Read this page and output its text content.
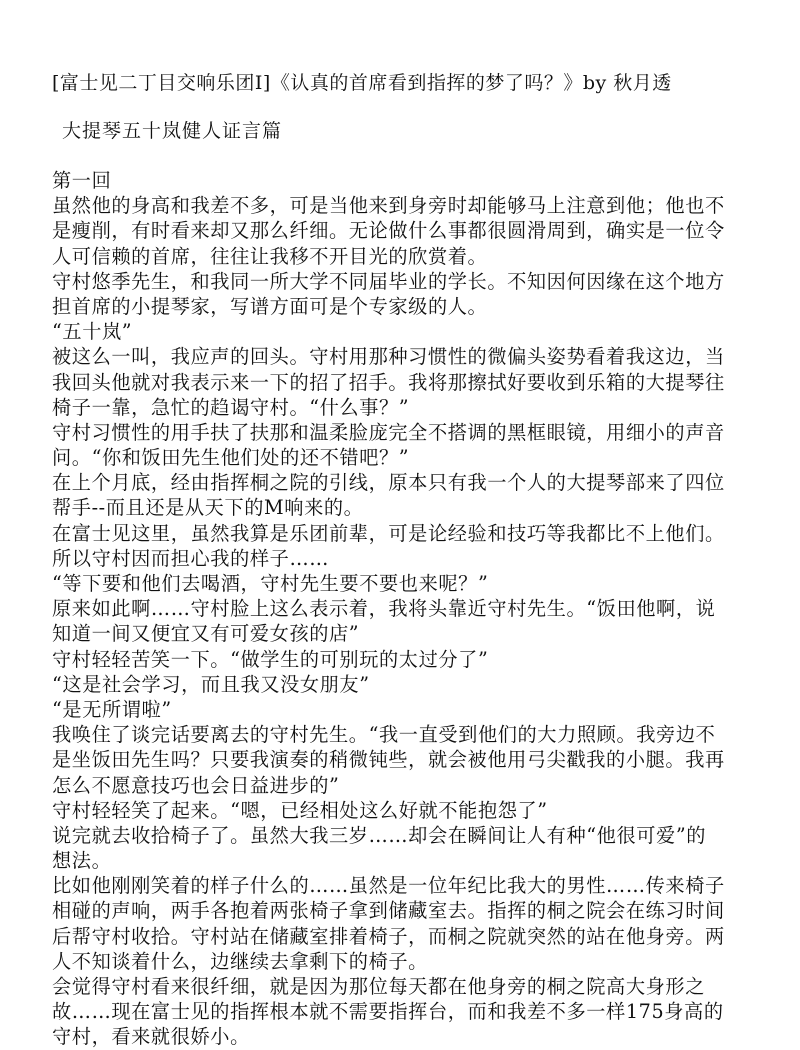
[富士见二丁目交响乐团Ⅰ]《认真的首席看到指挥的梦了吗？》by 秋月透
大提琴五十岚健人证言篇
第一回
虽然他的身高和我差不多，可是当他来到身旁时却能够马上注意到他；他也不
是瘦削，有时看来却又那么纤细。无论做什么事都很圆滑周到，确实是一位令
人可信赖的首席，往往让我移不开目光的欣赏着。
守村悠季先生，和我同一所大学不同届毕业的学长。不知因何因缘在这个地方
担首席的小提琴家，写谱方面可是个专家级的人。
“五十岚”
被这么一叫，我应声的回头。守村用那种习惯性的微偏头姿势看着我这边，当
我回头他就对我表示来一下的招了招手。我将那擦拭好要收到乐箱的大提琴往
椅子一靠，急忙的趋谒守村。“什么事？”
守村习惯性的用手扶了扶那和温柔脸庞完全不搭调的黑框眼镜，用细小的声音
问。“你和饭田先生他们处的还不错吧？”
在上个月底，经由指挥桐之院的引线，原本只有我一个人的大提琴部来了四位
帮手--而且还是从天下的M响来的。
在富士见这里，虽然我算是乐团前辈，可是论经验和技巧等我都比不上他们。
所以守村因而担心我的样子……
“等下要和他们去喝酒，守村先生要不要也来呢？”
原来如此啊……守村脸上这么表示着，我将头靠近守村先生。“饭田他啊，说
知道一间又便宜又有可爱女孩的店”
守村轻轻苦笑一下。“做学生的可别玩的太过分了”
“这是社会学习，而且我又没女朋友”
“是无所谓啦”
我唤住了谈完话要离去的守村先生。“我一直受到他们的大力照顾。我旁边不
是坐饭田先生吗？只要我演奏的稍微钝些，就会被他用弓尖戳我的小腿。我再
怎么不愿意技巧也会日益进步的”
守村轻轻笑了起来。“嗯，已经相处这么好就不能抱怨了”
说完就去收拾椅子了。虽然大我三岁……却会在瞬间让人有种“他很可爱”的
想法。
比如他刚刚笑着的样子什么的……虽然是一位年纪比我大的男性……传来椅子
相碰的声响，两手各抱着两张椅子拿到储藏室去。指挥的桐之院会在练习时间
后帮守村收拾。守村站在储藏室排着椅子，而桐之院就突然的站在他身旁。两
人不知谈着什么，边继续去拿剩下的椅子。
会觉得守村看来很纤细，就是因为那位每天都在他身旁的桐之院高大身形之
故……现在富士见的指挥根本就不需要指挥台，而和我差不多一样175身高的
守村，看来就很娇小。
